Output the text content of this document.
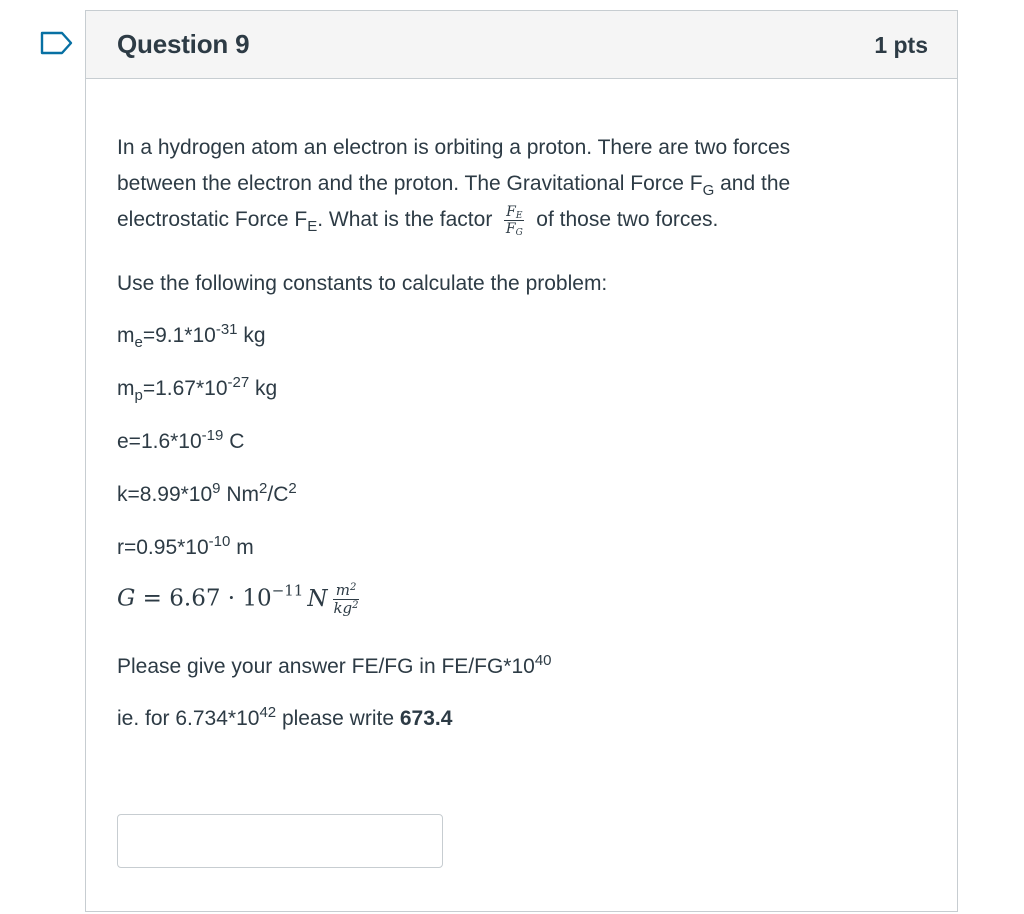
Question 9	1 pts
In a hydrogen atom an electron is orbiting a proton. There are two forces
between the electron and the proton. The Gravitational Force $F_G$ and the
electrostatic Force $F_E$. What is the factor $\frac{F_E}{F_G}$ of those two forces.
Use the following constants to calculate the problem:
$m_e=9.1*10^{-31}$ kg
$m_p=1.67*10^{-27}$ kg
$e=1.6*10^{-19}$ C
$k=8.99*10^9$ $Nm^2/C^2$
$r=0.95*10^{-10}$ m
$G = 6.67 \cdot 10^{-11}$ N $\frac{m^2}{kg^2}$
Please give your answer FE/FG in $FE/FG*10^{40}$
ie. for $6.734*10^{42}$ please write 673.4
